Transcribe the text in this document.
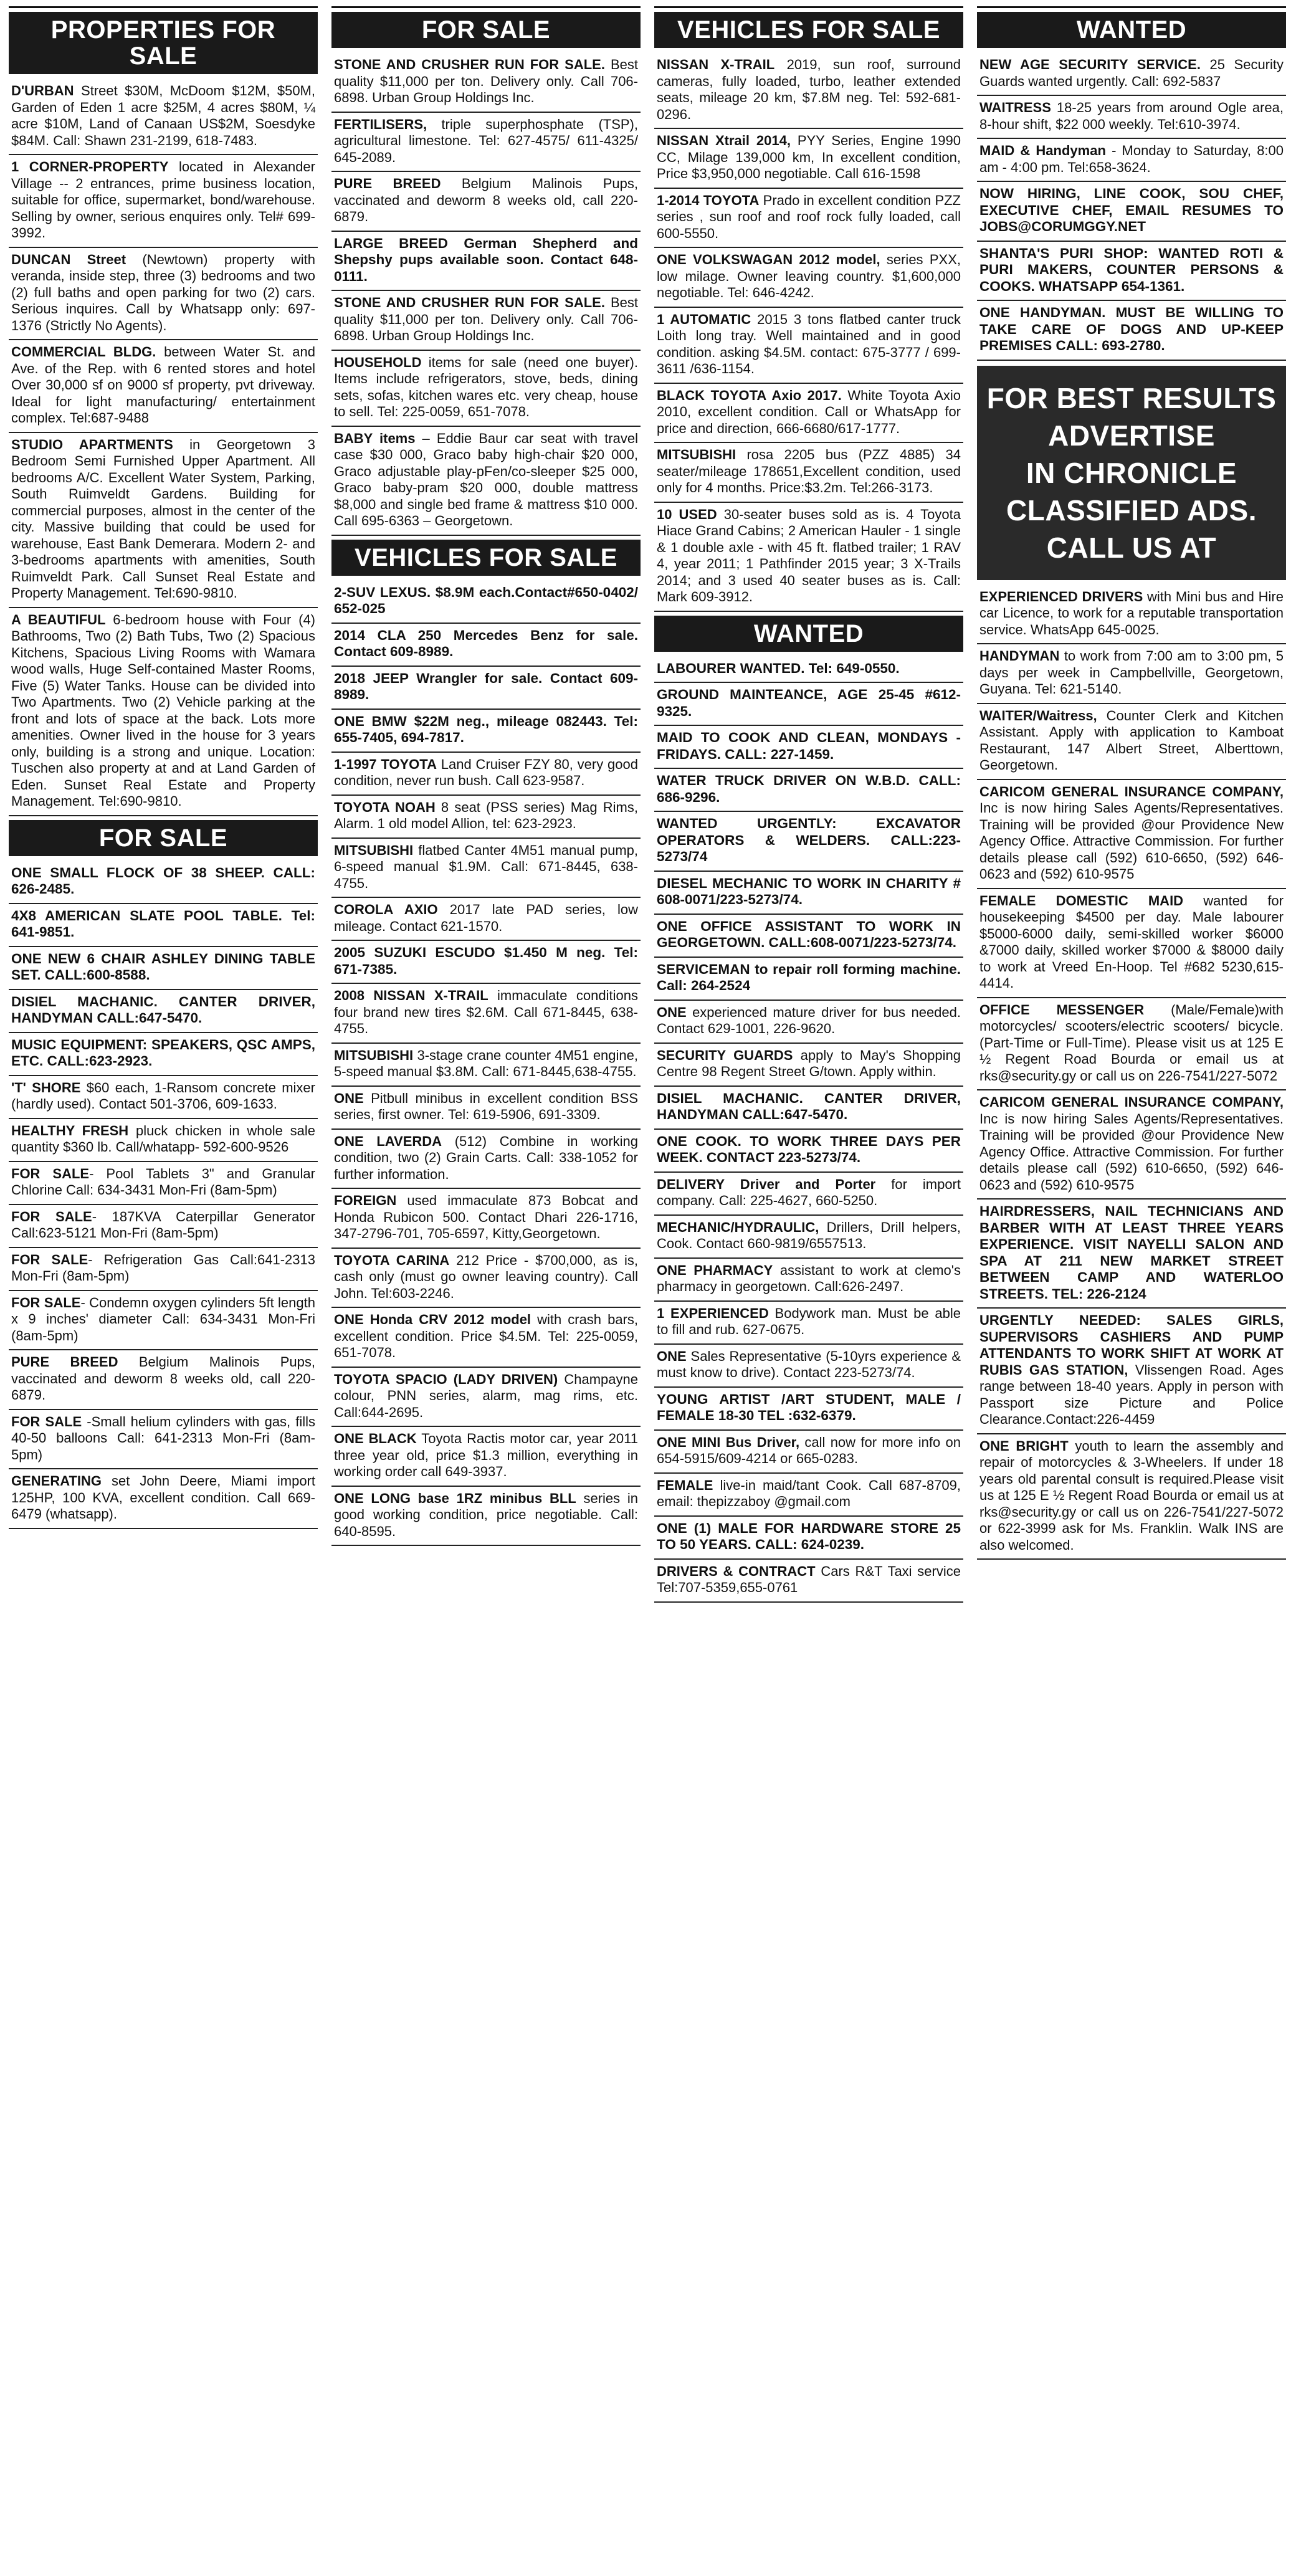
PROPERTIES FOR SALE
D'URBAN Street $30M, McDoom $12M, $50M, Garden of Eden 1 acre $25M, 4 acres $80M, ¼ acre $10M, Land of Canaan US$2M, Soesdyke $84M. Call: Shawn 231-2199, 618-7483.
1 CORNER-PROPERTY located in Alexander Village -- 2 entrances, prime business location, suitable for office, supermarket, bond/warehouse. Selling by owner, serious enquires only. Tel# 699-3992.
DUNCAN Street (Newtown) property with veranda, inside step, three (3) bedrooms and two (2) full baths and open parking for two (2) cars. Serious inquires. Call by Whatsapp only: 697-1376 (Strictly No Agents).
COMMERCIAL BLDG. between Water St. and Ave. of the Rep. with 6 rented stores and hotel Over 30,000 sf on 9000 sf property, pvt driveway. Ideal for light manufacturing/ entertainment complex. Tel:687-9488
STUDIO APARTMENTS in Georgetown 3 Bedroom Semi Furnished Upper Apartment. All bedrooms A/C. Excellent Water System, Parking, South Ruimveldt Gardens. Building for commercial purposes, almost in the center of the city. Massive building that could be used for warehouse, East Bank Demerara. Modern 2- and 3-bedrooms apartments with amenities, South Ruimveldt Park. Call Sunset Real Estate and Property Management. Tel:690-9810.
A BEAUTIFUL 6-bedroom house with Four (4) Bathrooms, Two (2) Bath Tubs, Two (2) Spacious Kitchens, Spacious Living Rooms with Wamara wood walls, Huge Self-contained Master Rooms, Five (5) Water Tanks. House can be divided into Two Apartments. Two (2) Vehicle parking at the front and lots of space at the back. Lots more amenities. Owner lived in the house for 3 years only, building is a strong and unique. Location: Tuschen also property at and at Land Garden of Eden. Sunset Real Estate and Property Management. Tel:690-9810.
FOR SALE
ONE SMALL FLOCK OF 38 SHEEP. CALL: 626-2485.
4X8 AMERICAN SLATE POOL TABLE. Tel: 641-9851.
ONE NEW 6 CHAIR ASHLEY DINING TABLE SET. CALL:600-8588.
DISIEL MACHANIC. CANTER DRIVER, HANDYMAN CALL:647-5470.
MUSIC EQUIPMENT: SPEAKERS, QSC AMPS, ETC. CALL:623-2923.
'T' SHORE $60 each, 1-Ransom concrete mixer (hardly used). Contact 501-3706, 609-1633.
HEALTHY FRESH pluck chicken in whole sale quantity $360 lb. Call/whatapp- 592-600-9526
FOR SALE- Pool Tablets 3" and Granular Chlorine Call: 634-3431 Mon-Fri (8am-5pm)
FOR SALE- 187KVA Caterpillar Generator Call:623-5121 Mon-Fri (8am-5pm)
FOR SALE- Refrigeration Gas Call:641-2313 Mon-Fri (8am-5pm)
FOR SALE- Condemn oxygen cylinders 5ft length x 9 inches' diameter Call: 634-3431 Mon-Fri (8am-5pm)
PURE BREED Belgium Malinois Pups, vaccinated and deworm 8 weeks old, call 220-6879.
FOR SALE -Small helium cylinders with gas, fills 40-50 balloons Call: 641-2313 Mon-Fri (8am-5pm)
GENERATING set John Deere, Miami import 125HP, 100 KVA, excellent condition. Call 669-6479 (whatsapp).
FOR SALE
STONE AND CRUSHER RUN FOR SALE. Best quality $11,000 per ton. Delivery only. Call 706-6898. Urban Group Holdings Inc.
FERTILISERS, triple superphosphate (TSP), agricultural limestone. Tel: 627-4575/ 611-4325/ 645-2089.
PURE BREED Belgium Malinois Pups, vaccinated and deworm 8 weeks old, call 220-6879.
LARGE BREED German Shepherd and Shepshy pups available soon. Contact 648-0111.
STONE AND CRUSHER RUN FOR SALE. Best quality $11,000 per ton. Delivery only. Call 706-6898. Urban Group Holdings Inc.
HOUSEHOLD items for sale (need one buyer). Items include refrigerators, stove, beds, dining sets, sofas, kitchen wares etc. very cheap, house to sell. Tel: 225-0059, 651-7078.
BABY items – Eddie Baur car seat with travel case $30 000, Graco baby high-chair $20 000, Graco adjustable play-pFen/co-sleeper $25 000, Graco baby-pram $20 000, double mattress $8,000 and single bed frame & mattress $10 000. Call 695-6363 – Georgetown.
VEHICLES FOR SALE
2-SUV LEXUS. $8.9M each.Contact#650-0402/ 652-025
2014 CLA 250 Mercedes Benz for sale. Contact 609-8989.
2018 JEEP Wrangler for sale. Contact 609-8989.
ONE BMW $22M neg., mileage 082443. Tel: 655-7405, 694-7817.
1-1997 TOYOTA Land Cruiser FZY 80, very good condition, never run bush. Call 623-9587.
TOYOTA NOAH 8 seat (PSS series) Mag Rims, Alarm. 1 old model Allion, tel: 623-2923.
MITSUBISHI flatbed Canter 4M51 manual pump, 6-speed manual $1.9M. Call: 671-8445, 638-4755.
COROLA AXIO 2017 late PAD series, low mileage. Contact 621-1570.
2005 SUZUKI ESCUDO $1.450 M neg. Tel: 671-7385.
2008 NISSAN X-TRAIL immaculate conditions four brand new tires $2.6M. Call 671-8445, 638-4755.
MITSUBISHI 3-stage crane counter 4M51 engine, 5-speed manual $3.8M. Call: 671-8445,638-4755.
ONE Pitbull minibus in excellent condition BSS series, first owner. Tel: 619-5906, 691-3309.
ONE LAVERDA (512) Combine in working condition, two (2) Grain Carts. Call: 338-1052 for further information.
FOREIGN used immaculate 873 Bobcat and Honda Rubicon 500. Contact Dhari 226-1716, 347-2796-701, 705-6597, Kitty,Georgetown.
TOYOTA CARINA 212 Price - $700,000, as is, cash only (must go owner leaving country). Call John. Tel:603-2246.
ONE Honda CRV 2012 model with crash bars, excellent condition. Price $4.5M. Tel: 225-0059, 651-7078.
TOYOTA SPACIO (LADY DRIVEN) Champayne colour, PNN series, alarm, mag rims, etc. Call:644-2695.
ONE BLACK Toyota Ractis motor car, year 2011 three year old, price $1.3 million, everything in working order call 649-3937.
ONE LONG base 1RZ minibus BLL series in good working condition, price negotiable. Call: 640-8595.
VEHICLES FOR SALE
NISSAN X-TRAIL 2019, sun roof, surround cameras, fully loaded, turbo, leather extended seats, mileage 20 km, $7.8M neg. Tel: 592-681-0296.
NISSAN Xtrail 2014, PYY Series, Engine 1990 CC, Milage 139,000 km, In excellent condition, Price $3,950,000 negotiable. Call 616-1598
1-2014 TOYOTA Prado in excellent condition PZZ series , sun roof and roof rock fully loaded, call 600-5550.
ONE VOLKSWAGAN 2012 model, series PXX, low milage. Owner leaving country. $1,600,000 negotiable. Tel: 646-4242.
1 AUTOMATIC 2015 3 tons flatbed canter truck Loith long tray. Well maintained and in good condition. asking $4.5M. contact: 675-3777 / 699-3611 /636-1154.
BLACK TOYOTA Axio 2017. White Toyota Axio 2010, excellent condition. Call or WhatsApp for price and direction, 666-6680/617-1777.
MITSUBISHI rosa 2205 bus (PZZ 4885) 34 seater/mileage 178651,Excellent condition, used only for 4 months. Price:$3.2m. Tel:266-3173.
10 USED 30-seater buses sold as is. 4 Toyota Hiace Grand Cabins; 2 American Hauler - 1 single & 1 double axle - with 45 ft. flatbed trailer; 1 RAV 4, year 2011; 1 Pathfinder 2015 year; 3 X-Trails 2014; and 3 used 40 seater buses as is. Call: Mark 609-3912.
WANTED
LABOURER WANTED. Tel: 649-0550.
GROUND MAINTEANCE, AGE 25-45 #612-9325.
MAID TO COOK AND CLEAN, MONDAYS - FRIDAYS. CALL: 227-1459.
WATER TRUCK DRIVER ON W.B.D. CALL: 686-9296.
WANTED URGENTLY: EXCAVATOR OPERATORS & WELDERS. CALL:223-5273/74
DIESEL MECHANIC TO WORK IN CHARITY # 608-0071/223-5273/74.
ONE OFFICE ASSISTANT TO WORK IN GEORGETOWN. CALL:608-0071/223-5273/74.
SERVICEMAN to repair roll forming machine. Call: 264-2524
ONE experienced mature driver for bus needed. Contact 629-1001, 226-9620.
SECURITY GUARDS apply to May's Shopping Centre 98 Regent Street G/town. Apply within.
DISIEL MACHANIC. CANTER DRIVER, HANDYMAN CALL:647-5470.
ONE COOK. TO WORK THREE DAYS PER WEEK. CONTACT 223-5273/74.
DELIVERY Driver and Porter for import company. Call: 225-4627, 660-5250.
MECHANIC/HYDRAULIC, Drillers, Drill helpers, Cook. Contact 660-9819/6557513.
ONE PHARMACY assistant to work at clemo's pharmacy in georgetown. Call:626-2497.
1 EXPERIENCED Bodywork man. Must be able to fill and rub. 627-0675.
ONE Sales Representative (5-10yrs experience & must know to drive). Contact 223-5273/74.
YOUNG ARTIST /ART STUDENT, MALE / FEMALE 18-30 TEL :632-6379.
ONE MINI Bus Driver, call now for more info on 654-5915/609-4214 or 665-0283.
FEMALE live-in maid/tant Cook. Call 687-8709, email: thepizzaboy @gmail.com
ONE (1) MALE FOR HARDWARE STORE 25 TO 50 YEARS. CALL: 624-0239.
DRIVERS & CONTRACT Cars R&T Taxi service Tel:707-5359,655-0761
WANTED
NEW AGE SECURITY SERVICE. 25 Security Guards wanted urgently. Call: 692-5837
WAITRESS 18-25 years from around Ogle area, 8-hour shift, $22 000 weekly. Tel:610-3974.
MAID & Handyman - Monday to Saturday, 8:00 am - 4:00 pm. Tel:658-3624.
NOW HIRING, LINE COOK, SOU CHEF, EXECUTIVE CHEF, EMAIL RESUMES TO JOBS@CORUMGGY.NET
SHANTA'S PURI SHOP: WANTED ROTI & PURI MAKERS, COUNTER PERSONS & COOKS. WHATSAPP 654-1361.
ONE HANDYMAN. MUST BE WILLING TO TAKE CARE OF DOGS AND UP-KEEP PREMISES CALL: 693-2780.
FOR BEST RESULTS
ADVERTISE
IN CHRONICLE
CLASSIFIED ADS.
CALL US AT
EXPERIENCED DRIVERS with Mini bus and Hire car Licence, to work for a reputable transportation service. WhatsApp 645-0025.
HANDYMAN to work from 7:00 am to 3:00 pm, 5 days per week in Campbellville, Georgetown, Guyana. Tel: 621-5140.
WAITER/Waitress, Counter Clerk and Kitchen Assistant. Apply with application to Kamboat Restaurant, 147 Albert Street, Alberttown, Georgetown.
CARICOM GENERAL INSURANCE COMPANY, Inc is now hiring Sales Agents/Representatives. Training will be provided @our Providence New Agency Office. Attractive Commission. For further details please call (592) 610-6650, (592) 646-0623 and (592) 610-9575
FEMALE DOMESTIC MAID wanted for housekeeping $4500 per day. Male labourer $5000-6000 daily, semi-skilled worker $6000 &7000 daily, skilled worker $7000 & $8000 daily to work at Vreed En-Hoop. Tel #682 5230,615-4414.
OFFICE MESSENGER (Male/Female)with motorcycles/ scooters/electric scooters/ bicycle.(Part-Time or Full-Time). Please visit us at 125 E ½ Regent Road Bourda or email us at rks@security.gy or call us on 226-7541/227-5072
CARICOM GENERAL INSURANCE COMPANY, Inc is now hiring Sales Agents/Representatives. Training will be provided @our Providence New Agency Office. Attractive Commission. For further details please call (592) 610-6650, (592) 646-0623 and (592) 610-9575
HAIRDRESSERS, NAIL TECHNICIANS AND BARBER WITH AT LEAST THREE YEARS EXPERIENCE. VISIT NAYELLI SALON AND SPA AT 211 NEW MARKET STREET BETWEEN CAMP AND WATERLOO STREETS. TEL: 226-2124
URGENTLY NEEDED: SALES GIRLS, SUPERVISORS CASHIERS AND PUMP ATTENDANTS TO WORK SHIFT AT WORK AT RUBIS GAS STATION, Vlissengen Road. Ages range between 18-40 years. Apply in person with Passport size Picture and Police Clearance.Contact:226-4459
ONE BRIGHT youth to learn the assembly and repair of motorcycles & 3-Wheelers. If under 18 years old parental consult is required.Please visit us at 125 E ½ Regent Road Bourda or email us at rks@security.gy or call us on 226-7541/227-5072 or 622-3999 ask for Ms. Franklin. Walk INS are also welcomed.
